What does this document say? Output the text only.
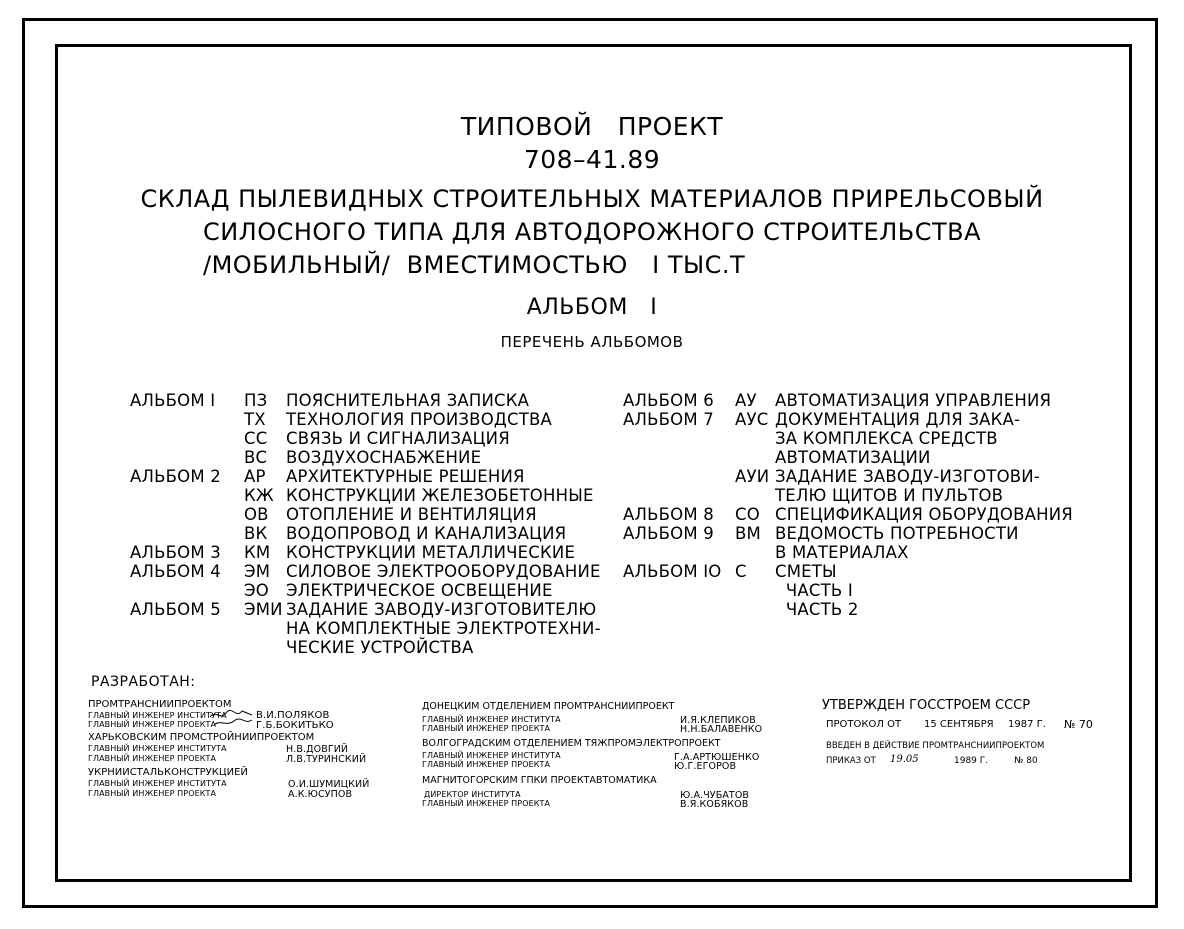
ТИПОВОЙ   ПРОЕКТ
708–41.89
СКЛАД ПЫЛЕВИДНЫХ СТРОИТЕЛЬНЫХ МАТЕРИАЛОВ ПРИРЕЛЬСОВЫЙ
СИЛОСНОГО ТИПА ДЛЯ АВТОДОРОЖНОГО СТРОИТЕЛЬСТВА
/МОБИЛЬНЫЙ/  ВМЕСТИМОСТЬЮ   I ТЫС.Т
АЛЬБОМ   I
ПЕРЕЧЕНЬ АЛЬБОМОВ
АЛЬБОМ I ПЗ ПОЯСНИТЕЛЬНАЯ ЗАПИСКА
ТХ ТЕХНОЛОГИЯ ПРОИЗВОДСТВА
СС СВЯЗЬ И СИГНАЛИЗАЦИЯ
ВС ВОЗДУХОСНАБЖЕНИЕ
АЛЬБОМ 2 АР АРХИТЕКТУРНЫЕ РЕШЕНИЯ
КЖ КОНСТРУКЦИИ ЖЕЛЕЗОБЕТОННЫЕ
ОВ ОТОПЛЕНИЕ И ВЕНТИЛЯЦИЯ
ВК ВОДОПРОВОД И КАНАЛИЗАЦИЯ
АЛЬБОМ 3 КМ КОНСТРУКЦИИ МЕТАЛЛИЧЕСКИЕ
АЛЬБОМ 4 ЭМ СИЛОВОЕ ЭЛЕКТРООБОРУДОВАНИЕ
ЭО ЭЛЕКТРИЧЕСКОЕ ОСВЕЩЕНИЕ
АЛЬБОМ 5 ЭМИ ЗАДАНИЕ ЗАВОДУ-ИЗГОТОВИТЕЛЮ
НА КОМПЛЕКТНЫЕ ЭЛЕКТРОТЕХНИ-
ЧЕСКИЕ УСТРОЙСТВА
АЛЬБОМ 6 АУ АВТОМАТИЗАЦИЯ УПРАВЛЕНИЯ
АЛЬБОМ 7 АУС ДОКУМЕНТАЦИЯ ДЛЯ ЗАКА-
ЗА КОМПЛЕКСА СРЕДСТВ
АВТОМАТИЗАЦИИ
АУИ ЗАДАНИЕ ЗАВОДУ-ИЗГОТОВИ-
ТЕЛЮ ЩИТОВ И ПУЛЬТОВ
АЛЬБОМ 8 СО СПЕЦИФИКАЦИЯ ОБОРУДОВАНИЯ
АЛЬБОМ 9 ВМ ВЕДОМОСТЬ ПОТРЕБНОСТИ
В МАТЕРИАЛАХ
АЛЬБОМ IO С СМЕТЫ
ЧАСТЬ I
ЧАСТЬ 2
РАЗРАБОТАН:
ПРОМТРАНСНИИПРОЕКТОМ
ГЛАВНЫЙ ИНЖЕНЕР ИНСТИТУТА	В.И.ПОЛЯКОВ
ГЛАВНЫЙ ИНЖЕНЕР ПРОЕКТА	Г.Б.БОКИТЬКО
ХАРЬКОВСКИМ ПРОМСТРОЙНИИПРОЕКТОМ
ГЛАВНЫЙ ИНЖЕНЕР ИНСТИТУТА	Н.В.ДОВГИЙ
ГЛАВНЫЙ ИНЖЕНЕР ПРОЕКТА	Л.В.ТУРИНСКИЙ
УКРНИИСТАЛЬКОНСТРУКЦИЕЙ
ГЛАВНЫЙ ИНЖЕНЕР ИНСТИТУТА	О.И.ШУМИЦКИЙ
ГЛАВНЫЙ ИНЖЕНЕР ПРОЕКТА	А.К.ЮСУПОВ
ДОНЕЦКИМ ОТДЕЛЕНИЕМ ПРОМТРАНСНИИПРОЕКТ
ГЛАВНЫЙ ИНЖЕНЕР ИНСТИТУТА	И.Я.КЛЕПИКОВ
ГЛАВНЫЙ ИНЖЕНЕР ПРОЕКТА	Н.Н.БАЛАВЕНКО
ВОЛГОГРАДСКИМ ОТДЕЛЕНИЕМ ТЯЖПРОМЭЛЕКТРОПРОЕКТ
ГЛАВНЫЙ ИНЖЕНЕР ИНСТИТУТА	Г.А.АРТЮШЕНКО
ГЛАВНЫЙ ИНЖЕНЕР ПРОЕКТА	Ю.Г.ЕГОРОВ
МАГНИТОГОРСКИМ ГПКИ ПРОЕКТАВТОМАТИКА
ДИРЕКТОР ИНСТИТУТА	Ю.А.ЧУБАТОВ
ГЛАВНЫЙ ИНЖЕНЕР ПРОЕКТА	В.Я.КОБЯКОВ
УТВЕРЖДЕН ГОССТРОЕМ СССР
ПРОТОКОЛ ОТ 15 СЕНТЯБРЯ 1987 Г. № 70
ВВЕДЕН В ДЕЙСТВИЕ ПРОМТРАНСНИИПРОЕКТОМ
ПРИКАЗ ОТ 19.05	1989 Г.	№ 80
